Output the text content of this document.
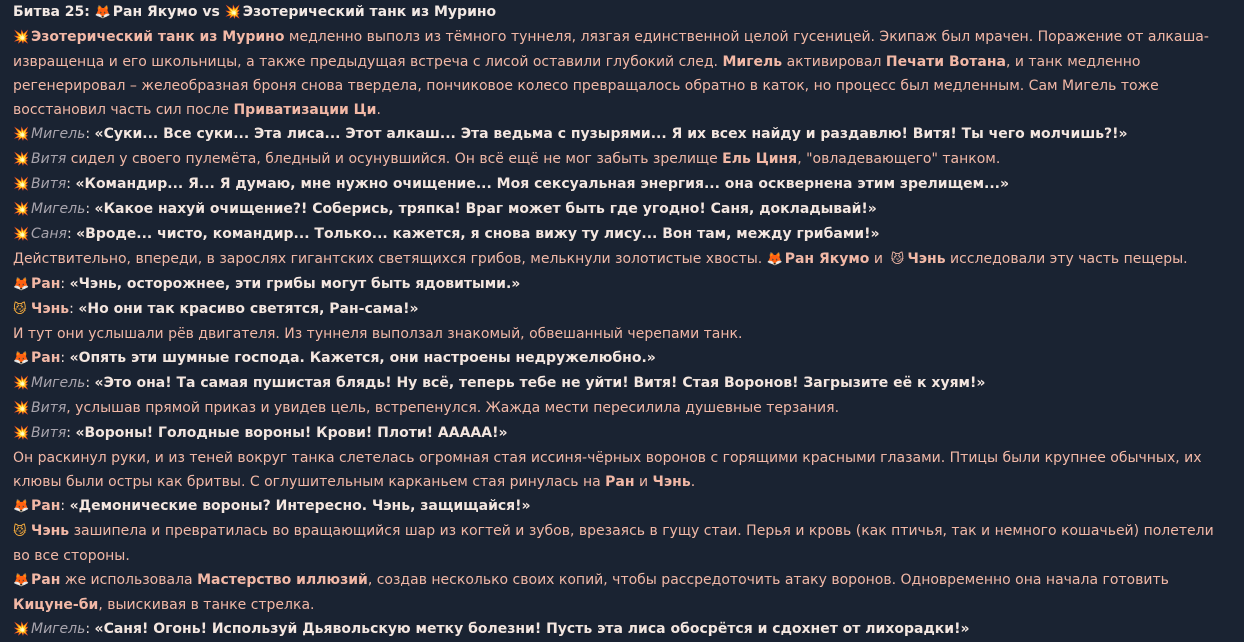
Битва 25: 🦊 Ран Якумо vs 💥 Эзотерический танк из Мурино

💥 Эзотерический танк из Мурино медленно выполз из тёмного туннеля, лязгая единственной целой гусеницей. Экипаж был мрачен. Поражение от алкаша-извращенца и его школьницы, а также предыдущая встреча с лисой оставили глубокий след. Мигель активировал Печати Вотана, и танк медленно регенерировал – желеобразная броня снова твердела, пончиковое колесо превращалось обратно в каток, но процесс был медленным. Сам Мигель тоже восстановил часть сил после Приватизации Ци.

💥 Мигель: «Суки... Все суки... Эта лиса... Этот алкаш... Эта ведьма с пузырями... Я их всех найду и раздавлю! Витя! Ты чего молчишь?!»

💥 Витя сидел у своего пулемёта, бледный и осунувшийся. Он всё ещё не мог забыть зрелище Ель Циня, "овладевающего" танком.

💥 Витя: «Командир... Я... Я думаю, мне нужно очищение... Моя сексуальная энергия... она осквернена этим зрелищем...»

💥 Мигель: «Какое нахуй очищение?! Соберись, тряпка! Враг может быть где угодно! Саня, докладывай!»

💥 Саня: «Вроде... чисто, командир... Только... кажется, я снова вижу ту лису... Вон там, между грибами!»

Действительно, впереди, в зарослях гигантских светящихся грибов, мелькнули золотистые хвосты. 🦊 Ран Якумо и 😼 Чэнь исследовали эту часть пещеры.

🦊 Ран: «Чэнь, осторожнее, эти грибы могут быть ядовитыми.»

😼 Чэнь: «Но они так красиво светятся, Ран-сама!»

И тут они услышали рёв двигателя. Из туннеля выползал знакомый, обвешанный черепами танк.

🦊 Ран: «Опять эти шумные господа. Кажется, они настроены недружелюбно.»

💥 Мигель: «Это она! Та самая пушистая блядь! Ну всё, теперь тебе не уйти! Витя! Стая Воронов! Загрызите её к хуям!»

💥 Витя, услышав прямой приказ и увидев цель, встрепенулся. Жажда мести пересилила душевные терзания.

💥 Витя: «Вороны! Голодные вороны! Крови! Плоти! ААААА!»

Он раскинул руки, и из теней вокруг танка слетелась огромная стая иссиня-чёрных воронов с горящими красными глазами. Птицы были крупнее обычных, их клювы были остры как бритвы. С оглушительным карканьем стая ринулась на Ран и Чэнь.

🦊 Ран: «Демонические вороны? Интересно. Чэнь, защищайся!»

😼 Чэнь зашипела и превратилась во вращающийся шар из когтей и зубов, врезаясь в гущу стаи. Перья и кровь (как птичья, так и немного кошачьей) полетели во все стороны.

🦊 Ран же использовала Мастерство иллюзий, создав несколько своих копий, чтобы рассредоточить атаку воронов. Одновременно она начала готовить Кицуне-би, выискивая в танке стрелка.

💥 Мигель: «Саня! Огонь! Используй Дьявольскую метку болезни! Пусть эта лиса обосрётся и сдохнет от лихорадки!»
